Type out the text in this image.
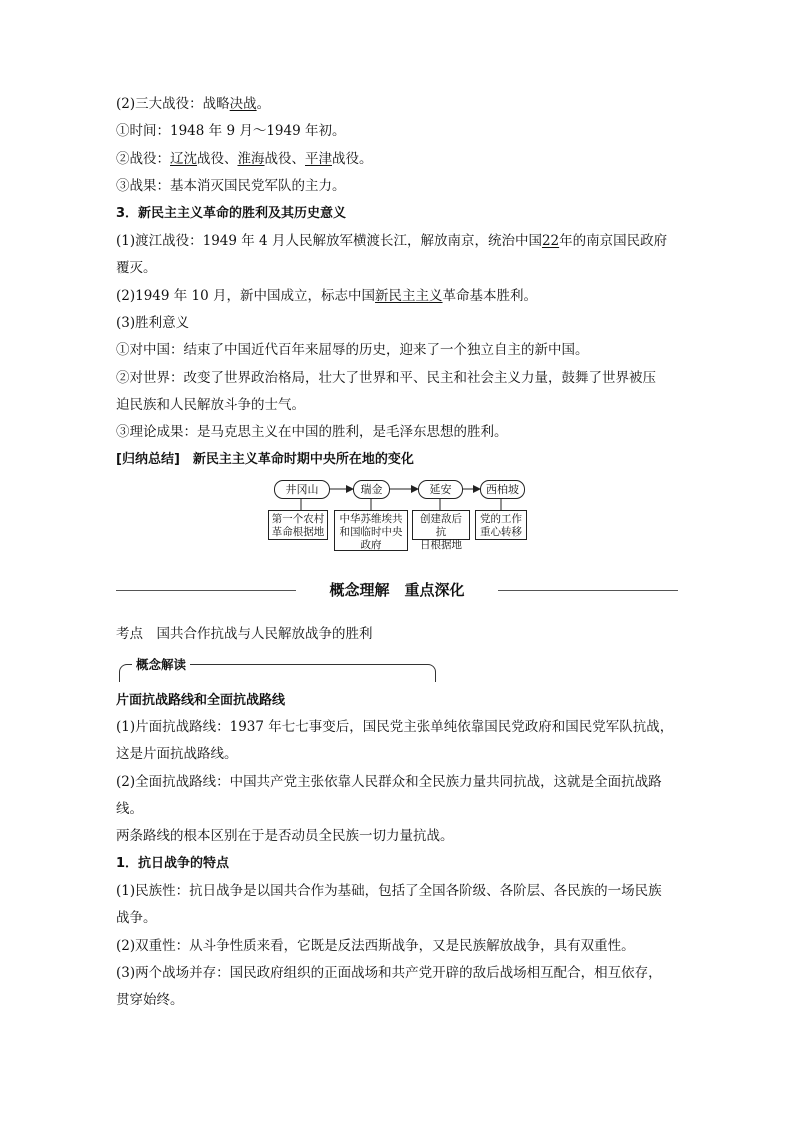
(2)三大战役：战略决战。
①时间：1948 年 9 月～1949 年初。
②战役：辽沈战役、淮海战役、平津战役。
③战果：基本消灭国民党军队的主力。
3．新民主主义革命的胜利及其历史意义
(1)渡江战役：1949 年 4 月人民解放军横渡长江，解放南京，统治中国22年的南京国民政府
覆灭。
(2)1949 年 10 月，新中国成立，标志中国新民主主义革命基本胜利。
(3)胜利意义
①对中国：结束了中国近代百年来屈辱的历史，迎来了一个独立自主的新中国。
②对世界：改变了世界政治格局，壮大了世界和平、民主和社会主义力量，鼓舞了世界被压
迫民族和人民解放斗争的士气。
③理论成果：是马克思主义在中国的胜利，是毛泽东思想的胜利。
[归纳总结]　 新民主主义革命时期中央所在地的变化
井冈山	瑞金	延安	西柏坡
第一个农村
革命根据地
中华苏维埃共
和国临时中央
政府
创建敌后抗
日根据地
党的工作
重心转移
概念理解　重点深化
考点　国共合作抗战与人民解放战争的胜利
概念解读
片面抗战路线和全面抗战路线
(1)片面抗战路线：1937 年七七事变后，国民党主张单纯依靠国民党政府和国民党军队抗战，
这是片面抗战路线。
(2)全面抗战路线：中国共产党主张依靠人民群众和全民族力量共同抗战，这就是全面抗战路
线。
两条路线的根本区别在于是否动员全民族一切力量抗战。
1．抗日战争的特点
(1)民族性：抗日战争是以国共合作为基础，包括了全国各阶级、各阶层、各民族的一场民族
战争。
(2)双重性：从斗争性质来看，它既是反法西斯战争，又是民族解放战争，具有双重性。
(3)两个战场并存：国民政府组织的正面战场和共产党开辟的敌后战场相互配合，相互依存，
贯穿始终。
